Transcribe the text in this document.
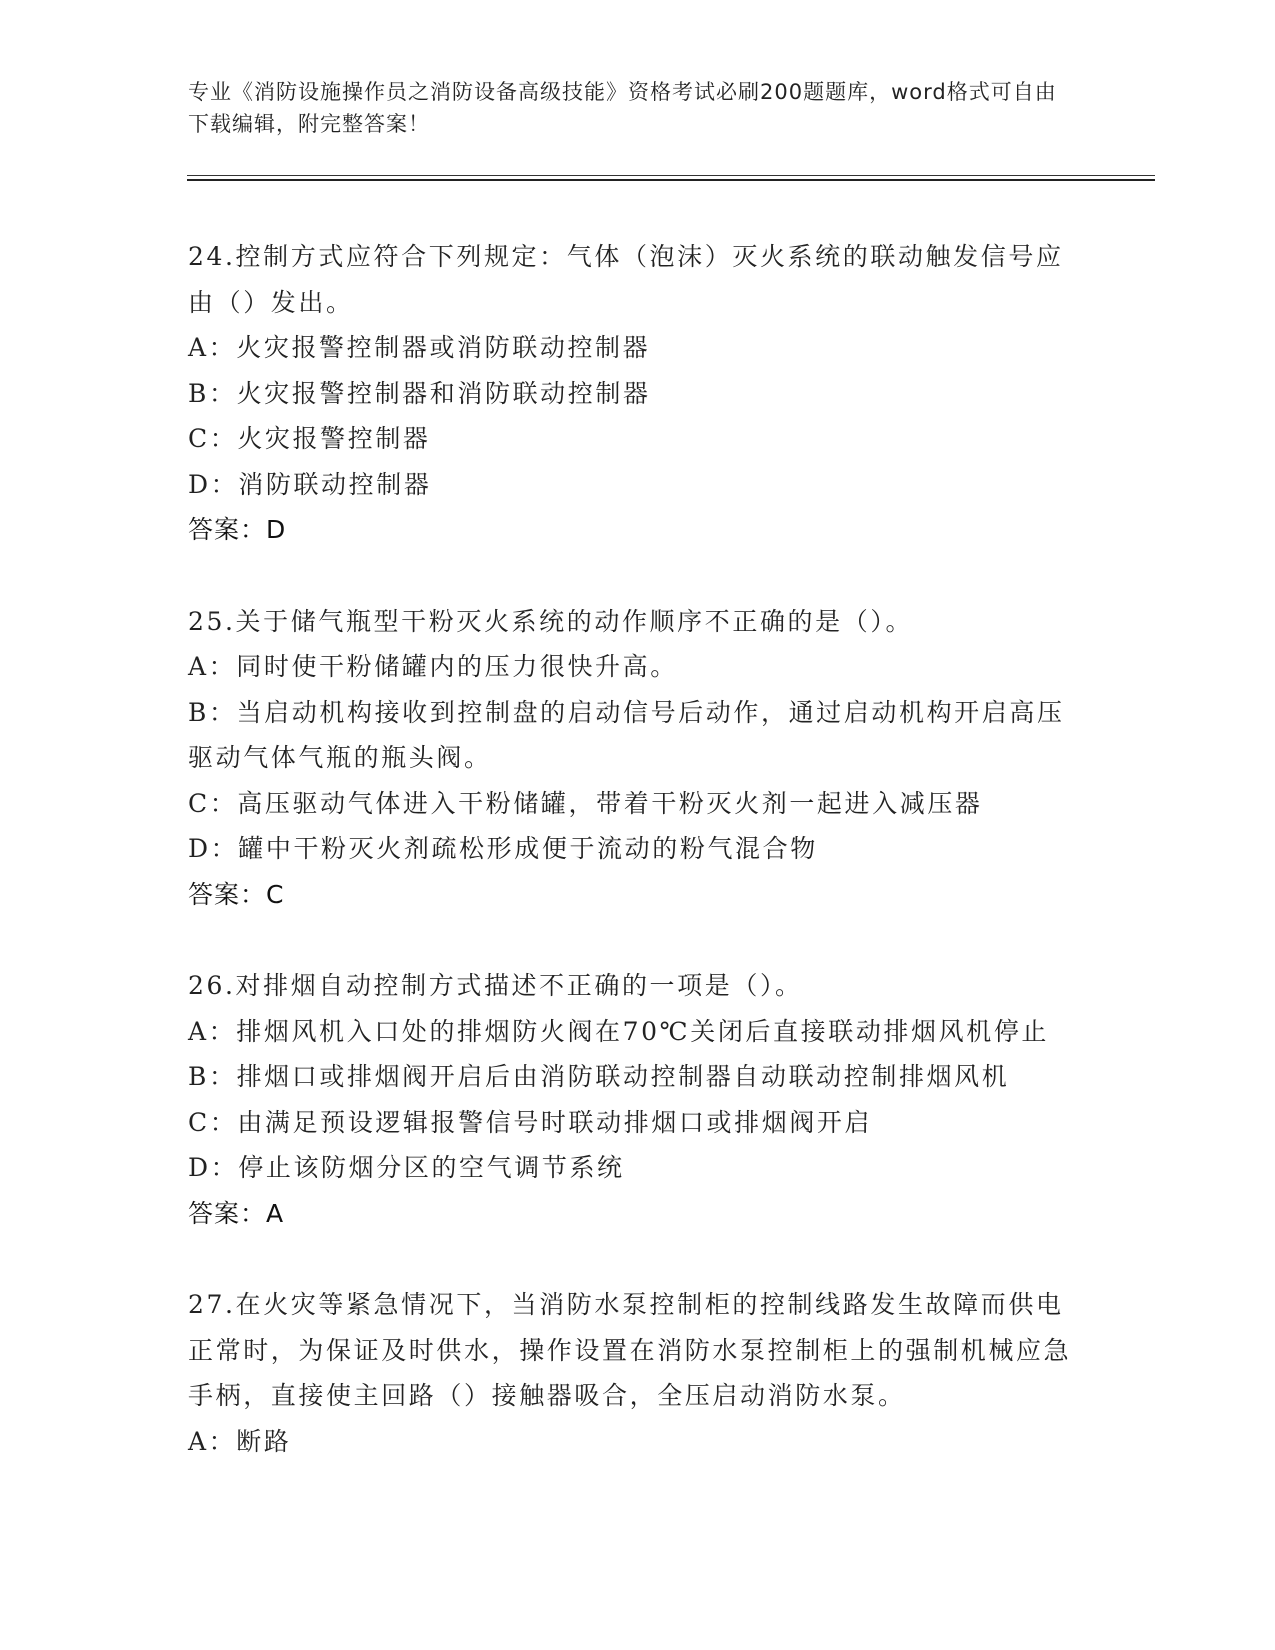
专业《消防设施操作员之消防设备高级技能》资格考试必刷200题题库，word格式可自由下载编辑，附完整答案！

24.控制方式应符合下列规定：气体（泡沫）灭火系统的联动触发信号应由（）发出。

A：火灾报警控制器或消防联动控制器

B：火灾报警控制器和消防联动控制器

C：火灾报警控制器

D：消防联动控制器

答案：D

25.关于储气瓶型干粉灭火系统的动作顺序不正确的是（）。

A：同时使干粉储罐内的压力很快升高。

B：当启动机构接收到控制盘的启动信号后动作，通过启动机构开启高压驱动气体气瓶的瓶头阀。

C：高压驱动气体进入干粉储罐，带着干粉灭火剂一起进入减压器

D：罐中干粉灭火剂疏松形成便于流动的粉气混合物

答案：C

26.对排烟自动控制方式描述不正确的一项是（）。

A：排烟风机入口处的排烟防火阀在70℃关闭后直接联动排烟风机停止

B：排烟口或排烟阀开启后由消防联动控制器自动联动控制排烟风机

C：由满足预设逻辑报警信号时联动排烟口或排烟阀开启

D：停止该防烟分区的空气调节系统

答案：A

27.在火灾等紧急情况下，当消防水泵控制柜的控制线路发生故障而供电正常时，为保证及时供水，操作设置在消防水泵控制柜上的强制机械应急手柄，直接使主回路（）接触器吸合，全压启动消防水泵。

A：断路
